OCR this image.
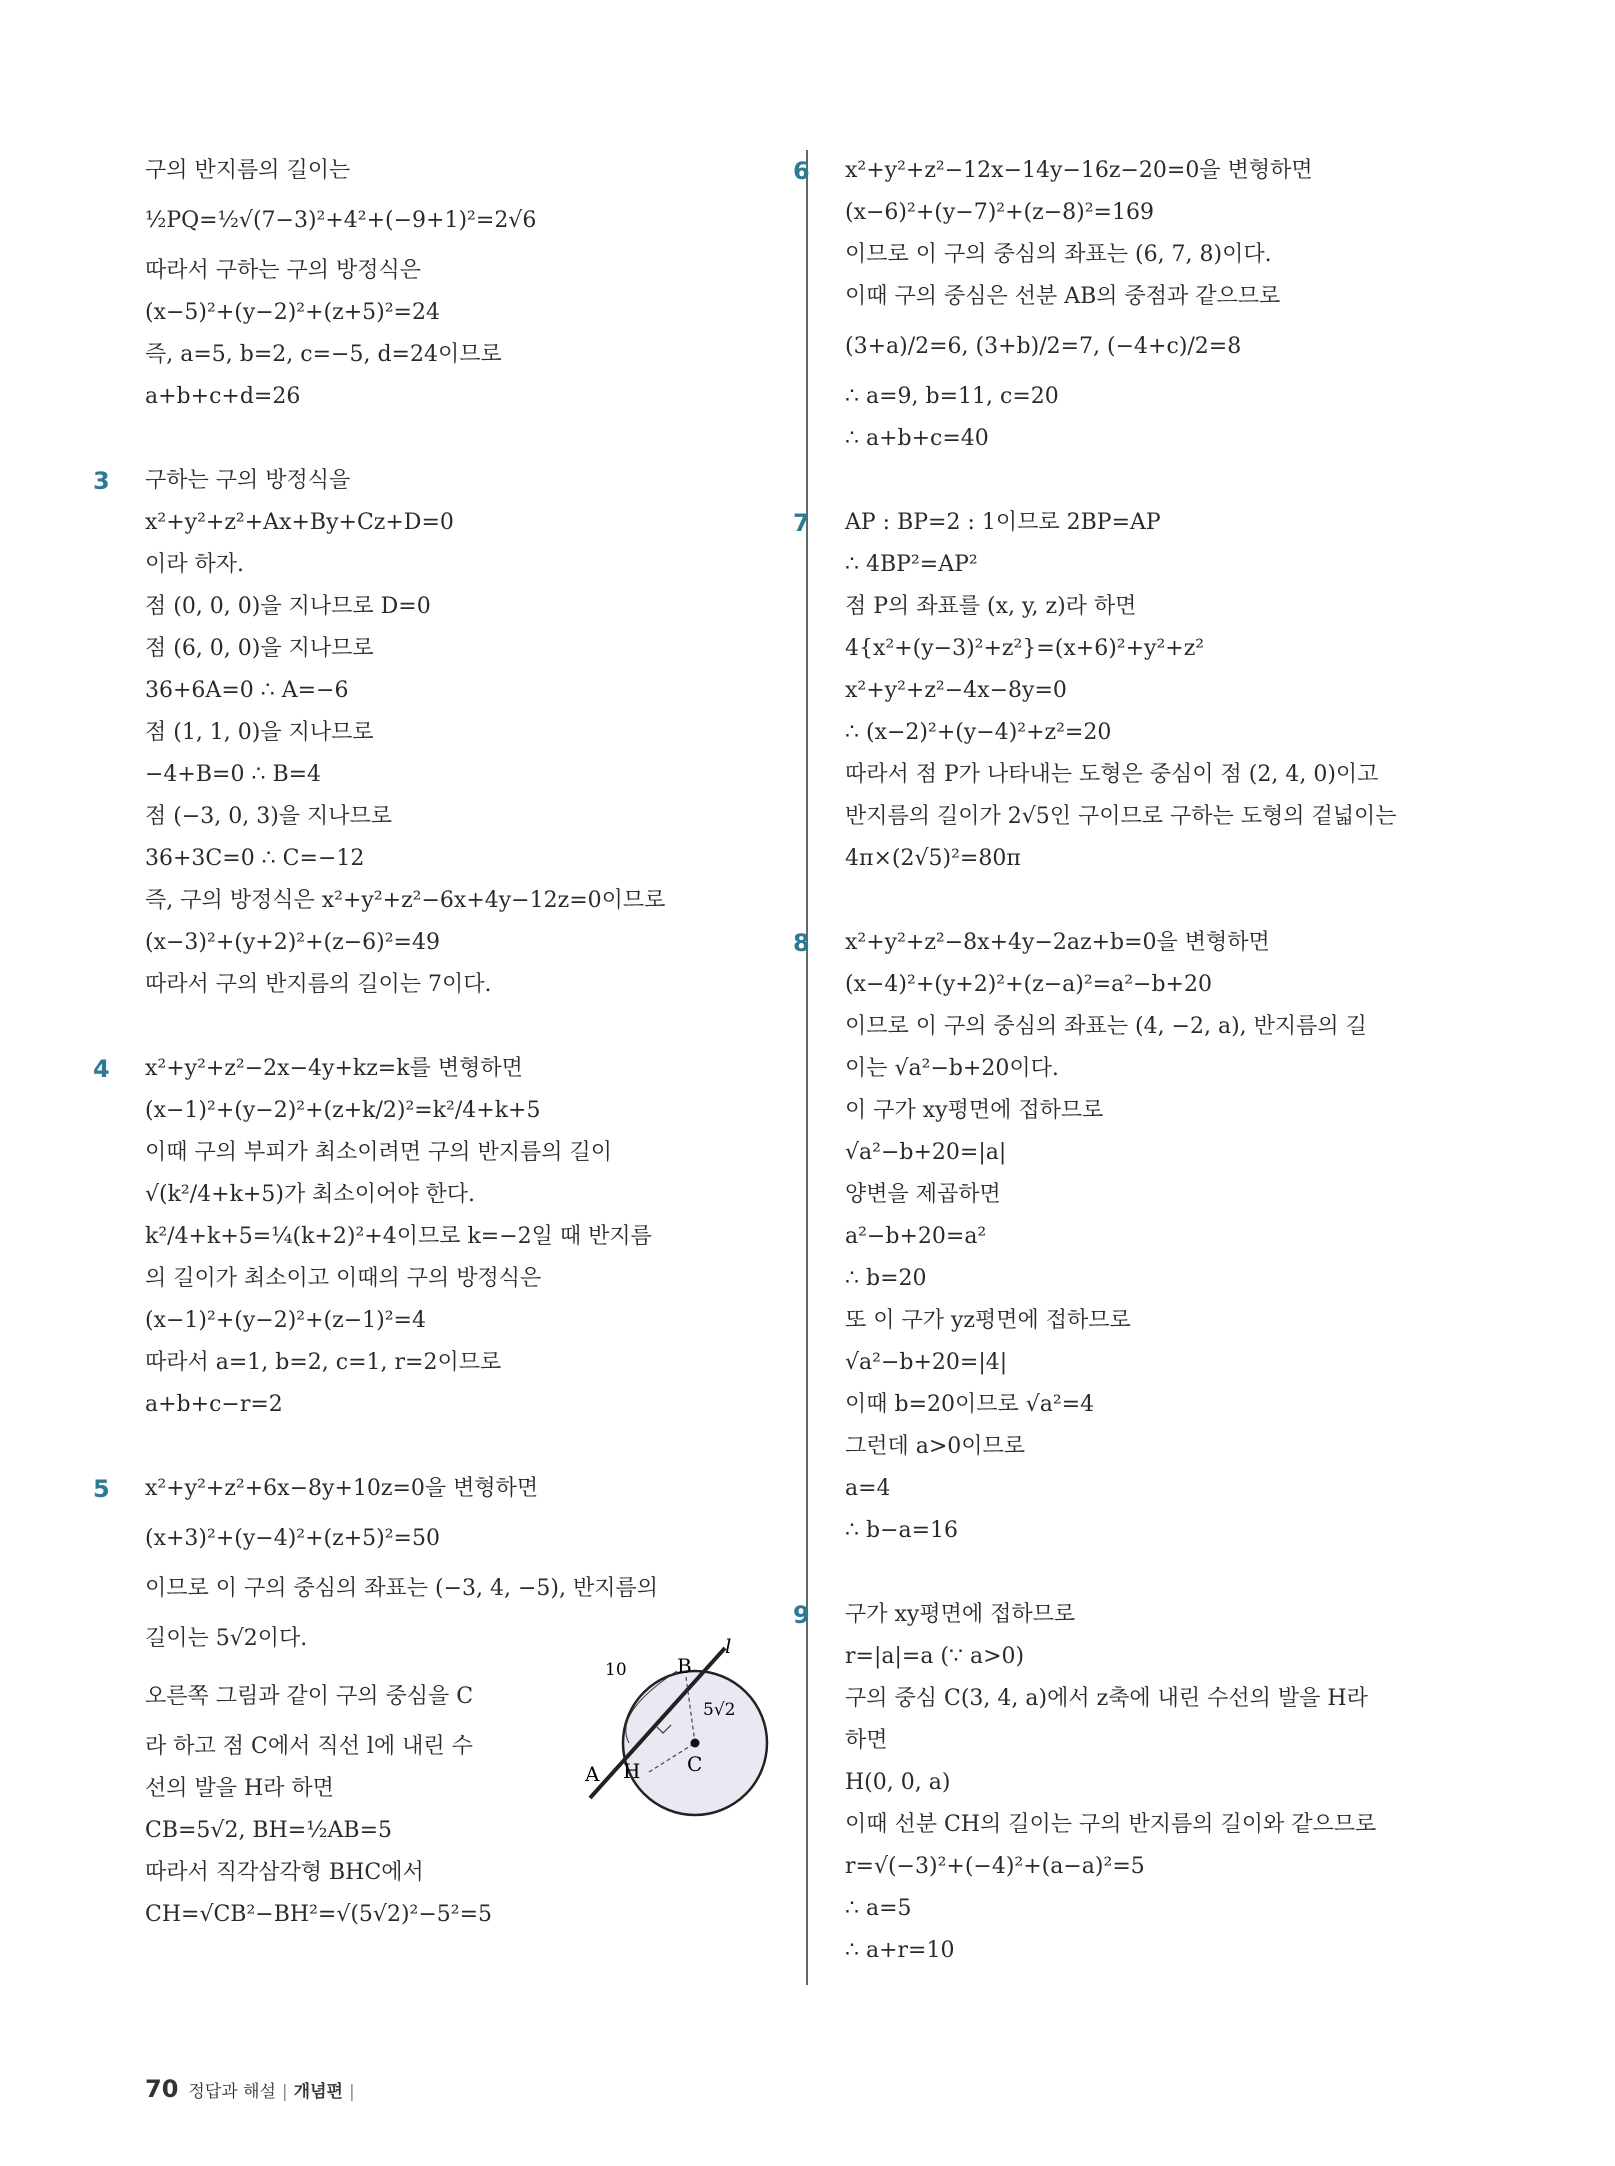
구의 반지름의 길이는
½PQ=½√(7−3)²+4²+(−9+1)²=2√6
따라서 구하는 구의 방정식은
(x−5)²+(y−2)²+(z+5)²=24
즉, a=5, b=2, c=−5, d=24이므로
a+b+c+d=26
3 구하는 구의 방정식을
x²+y²+z²+Ax+By+Cz+D=0
이라 하자.
점 (0, 0, 0)을 지나므로 D=0
점 (6, 0, 0)을 지나므로
36+6A=0 ∴ A=−6
점 (1, 1, 0)을 지나므로
−4+B=0 ∴ B=4
점 (−3, 0, 3)을 지나므로
36+3C=0 ∴ C=−12
즉, 구의 방정식은 x²+y²+z²−6x+4y−12z=0이므로
(x−3)²+(y+2)²+(z−6)²=49
따라서 구의 반지름의 길이는 7이다.
4 x²+y²+z²−2x−4y+kz=k를 변형하면
(x−1)²+(y−2)²+(z+k/2)²=k²/4+k+5
이때 구의 부피가 최소이려면 구의 반지름의 길이
√(k²/4+k+5)가 최소이어야 한다.
k²/4+k+5=¼(k+2)²+4이므로 k=−2일 때 반지름
의 길이가 최소이고 이때의 구의 방정식은
(x−1)²+(y−2)²+(z−1)²=4
따라서 a=1, b=2, c=1, r=2이므로
a+b+c−r=2
5 x²+y²+z²+6x−8y+10z=0을 변형하면
(x+3)²+(y−4)²+(z+5)²=50
이므로 이 구의 중심의 좌표는 (−3, 4, −5), 반지름의
길이는 5√2이다.
오른쪽 그림과 같이 구의 중심을 C
라 하고 점 C에서 직선 l에 내린 수
선의 발을 H라 하면
CB=5√2, BH=½AB=5
따라서 직각삼각형 BHC에서
CH=√CB²−BH²=√(5√2)²−5²=5
10	B
l
5√2
A H C
6 x²+y²+z²−12x−14y−16z−20=0을 변형하면
(x−6)²+(y−7)²+(z−8)²=169
이므로 이 구의 중심의 좌표는 (6, 7, 8)이다.
이때 구의 중심은 선분 AB의 중점과 같으므로
(3+a)/2=6, (3+b)/2=7, (−4+c)/2=8
∴ a=9, b=11, c=20
∴ a+b+c=40
7 AP : BP=2 : 1이므로 2BP=AP
∴ 4BP²=AP²
점 P의 좌표를 (x, y, z)라 하면
4{x²+(y−3)²+z²}=(x+6)²+y²+z²
x²+y²+z²−4x−8y=0
∴ (x−2)²+(y−4)²+z²=20
따라서 점 P가 나타내는 도형은 중심이 점 (2, 4, 0)이고
반지름의 길이가 2√5인 구이므로 구하는 도형의 겉넓이는
4π×(2√5)²=80π
8 x²+y²+z²−8x+4y−2az+b=0을 변형하면
(x−4)²+(y+2)²+(z−a)²=a²−b+20
이므로 이 구의 중심의 좌표는 (4, −2, a), 반지름의 길
이는 √a²−b+20이다.
이 구가 xy평면에 접하므로
√a²−b+20=|a|
양변을 제곱하면
a²−b+20=a²
∴ b=20
또 이 구가 yz평면에 접하므로
√a²−b+20=|4|
이때 b=20이므로 √a²=4
그런데 a>0이므로
a=4
∴ b−a=16
9 구가 xy평면에 접하므로
r=|a|=a (∵ a>0)
구의 중심 C(3, 4, a)에서 z축에 내린 수선의 발을 H라
하면
H(0, 0, a)
이때 선분 CH의 길이는 구의 반지름의 길이와 같으므로
r=√(−3)²+(−4)²+(a−a)²=5
∴ a=5
∴ a+r=10
70 정답과 해설 | 개념편 |
